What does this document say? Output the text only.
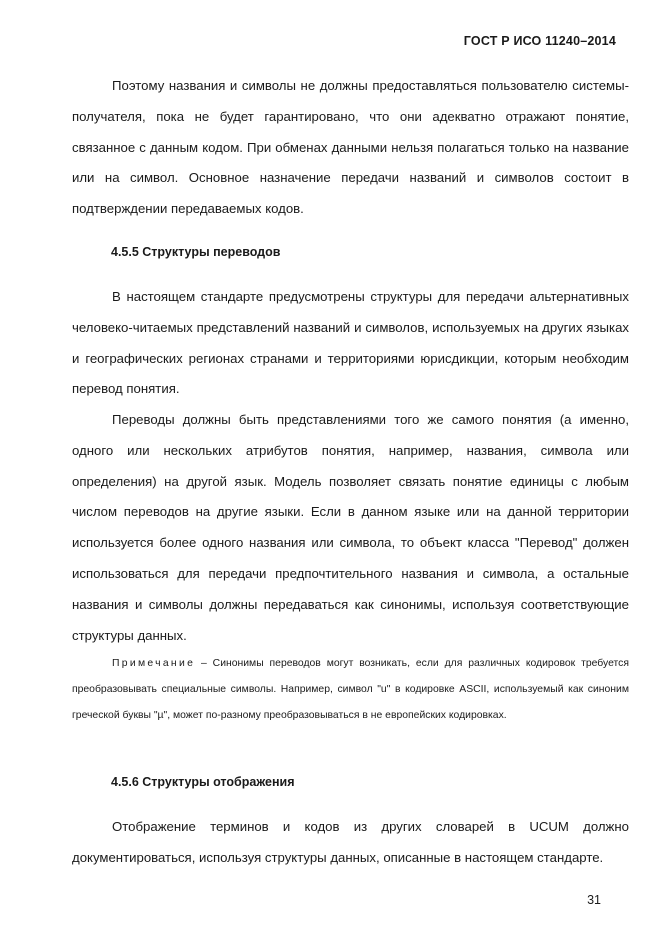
ГОСТ Р ИСО 11240–2014

Поэтому названия и символы не должны предоставляться пользователю системы-получателя, пока не будет гарантировано, что они адекватно отражают понятие, связанное с данным кодом. При обменах данными нельзя полагаться только на название или на символ. Основное назначение передачи названий и символов состоит в подтверждении передаваемых кодов.

4.5.5 Структуры переводов

В настоящем стандарте предусмотрены структуры для передачи альтернативных человеко-читаемых представлений названий и символов, используемых на других языках и географических регионах странами и территориями юрисдикции, которым необходим перевод понятия.

Переводы должны быть представлениями того же самого понятия (а именно, одного или нескольких атрибутов понятия, например, названия, символа или определения) на другой язык. Модель позволяет связать понятие единицы с любым числом переводов на другие языки. Если в данном языке или на данной территории используется более одного названия или символа, то объект класса "Перевод" должен использоваться для передачи предпочтительного названия и символа, а остальные названия и символы должны передаваться как синонимы, используя соответствующие структуры данных.

Примечание – Синонимы переводов могут возникать, если для различных кодировок требуется преобразовывать специальные символы. Например, символ "u" в кодировке ASCII, используемый как синоним греческой буквы "µ", может по-разному преобразовываться в не европейских кодировках.

4.5.6 Структуры отображения

Отображение терминов и кодов из других словарей в UCUM должно документироваться, используя структуры данных, описанные в настоящем стандарте.

31
